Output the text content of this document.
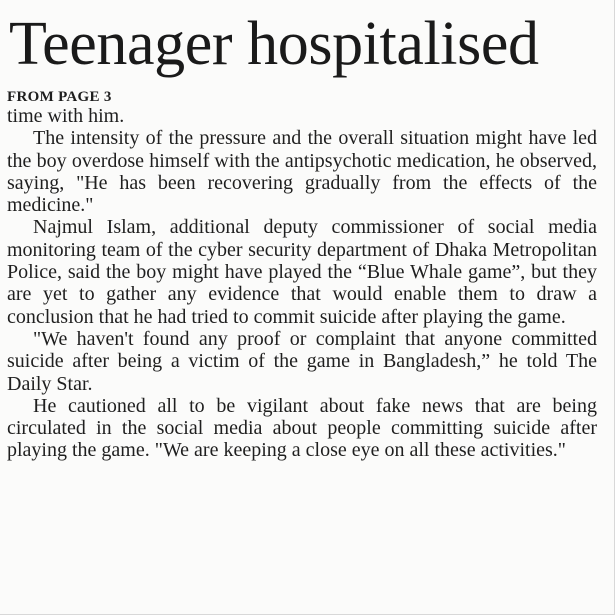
Teenager hospitalised
FROM PAGE 3

time with him.

The intensity of the pressure and the overall situation might have led the boy overdose himself with the antipsychotic medication, he observed, saying, "He has been recovering gradually from the effects of the medicine."

Najmul Islam, additional deputy commissioner of social media monitoring team of the cyber security department of Dhaka Metropolitan Police, said the boy might have played the “Blue Whale game”, but they are yet to gather any evidence that would enable them to draw a conclusion that he had tried to commit suicide after playing the game.

"We haven't found any proof or complaint that anyone committed suicide after being a victim of the game in Bangladesh,” he told The Daily Star.

He cautioned all to be vigilant about fake news that are being circulated in the social media about people committing suicide after playing the game. "We are keeping a close eye on all these activities."
